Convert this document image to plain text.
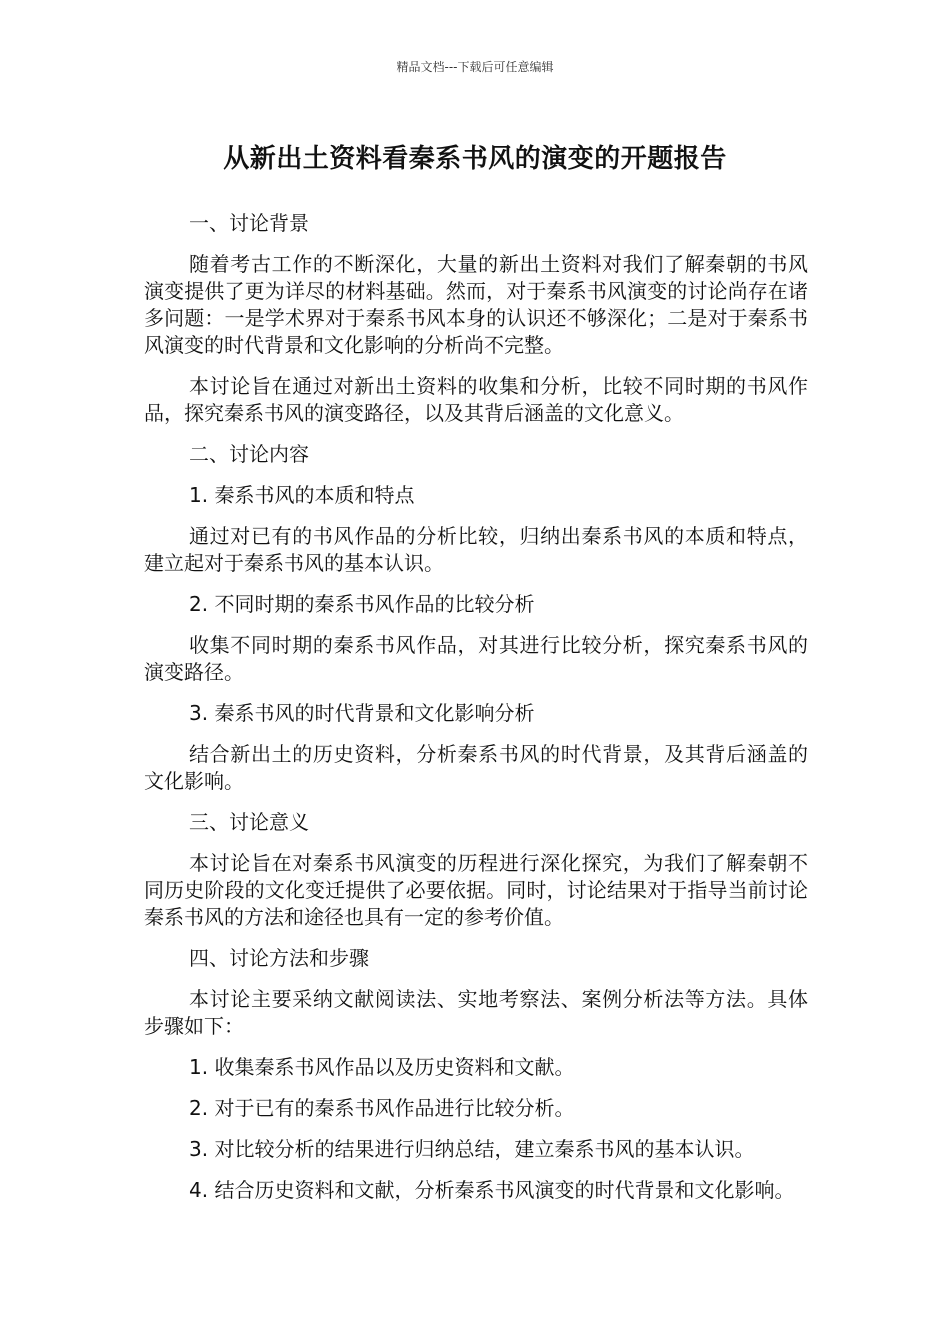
精品文档---下载后可任意编辑
从新出土资料看秦系书风的演变的开题报告
一、讨论背景
随着考古工作的不断深化，大量的新出土资料对我们了解秦朝的书风演变提供了更为详尽的材料基础。然而，对于秦系书风演变的讨论尚存在诸多问题：一是学术界对于秦系书风本身的认识还不够深化；二是对于秦系书风演变的时代背景和文化影响的分析尚不完整。
本讨论旨在通过对新出土资料的收集和分析，比较不同时期的书风作品，探究秦系书风的演变路径，以及其背后涵盖的文化意义。
二、讨论内容
1. 秦系书风的本质和特点
通过对已有的书风作品的分析比较，归纳出秦系书风的本质和特点，建立起对于秦系书风的基本认识。
2. 不同时期的秦系书风作品的比较分析
收集不同时期的秦系书风作品，对其进行比较分析，探究秦系书风的演变路径。
3. 秦系书风的时代背景和文化影响分析
结合新出土的历史资料，分析秦系书风的时代背景，及其背后涵盖的文化影响。
三、讨论意义
本讨论旨在对秦系书风演变的历程进行深化探究，为我们了解秦朝不同历史阶段的文化变迁提供了必要依据。同时，讨论结果对于指导当前讨论秦系书风的方法和途径也具有一定的参考价值。
四、讨论方法和步骤
本讨论主要采纳文献阅读法、实地考察法、案例分析法等方法。具体步骤如下：
1. 收集秦系书风作品以及历史资料和文献。
2. 对于已有的秦系书风作品进行比较分析。
3. 对比较分析的结果进行归纳总结，建立秦系书风的基本认识。
4. 结合历史资料和文献，分析秦系书风演变的时代背景和文化影响。
